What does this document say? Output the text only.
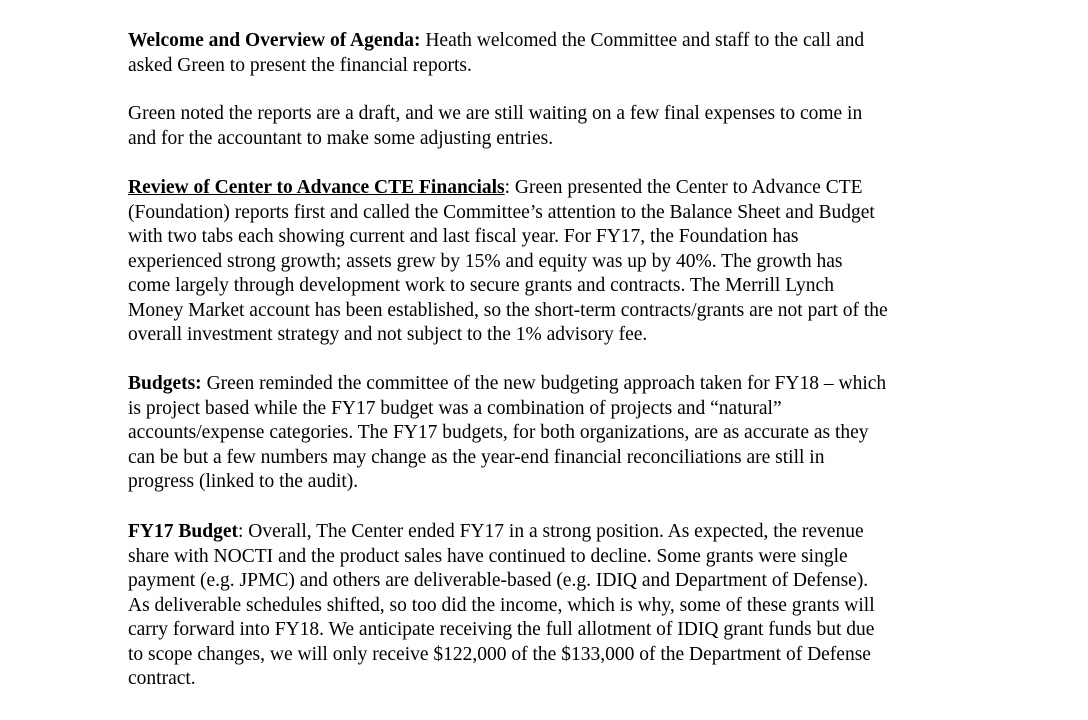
Welcome and Overview of Agenda: Heath welcomed the Committee and staff to the call and
asked Green to present the financial reports.

Green noted the reports are a draft, and we are still waiting on a few final expenses to come in
and for the accountant to make some adjusting entries.

Review of Center to Advance CTE Financials: Green presented the Center to Advance CTE
(Foundation) reports first and called the Committee’s attention to the Balance Sheet and Budget
with two tabs each showing current and last fiscal year. For FY17, the Foundation has
experienced strong growth; assets grew by 15% and equity was up by 40%. The growth has
come largely through development work to secure grants and contracts. The Merrill Lynch
Money Market account has been established, so the short-term contracts/grants are not part of the
overall investment strategy and not subject to the 1% advisory fee.

Budgets: Green reminded the committee of the new budgeting approach taken for FY18 – which
is project based while the FY17 budget was a combination of projects and “natural”
accounts/expense categories. The FY17 budgets, for both organizations, are as accurate as they
can be but a few numbers may change as the year-end financial reconciliations are still in
progress (linked to the audit).

FY17 Budget: Overall, The Center ended FY17 in a strong position. As expected, the revenue
share with NOCTI and the product sales have continued to decline. Some grants were single
payment (e.g. JPMC) and others are deliverable-based (e.g. IDIQ and Department of Defense).
As deliverable schedules shifted, so too did the income, which is why, some of these grants will
carry forward into FY18. We anticipate receiving the full allotment of IDIQ grant funds but due
to scope changes, we will only receive $122,000 of the $133,000 of the Department of Defense
contract.
